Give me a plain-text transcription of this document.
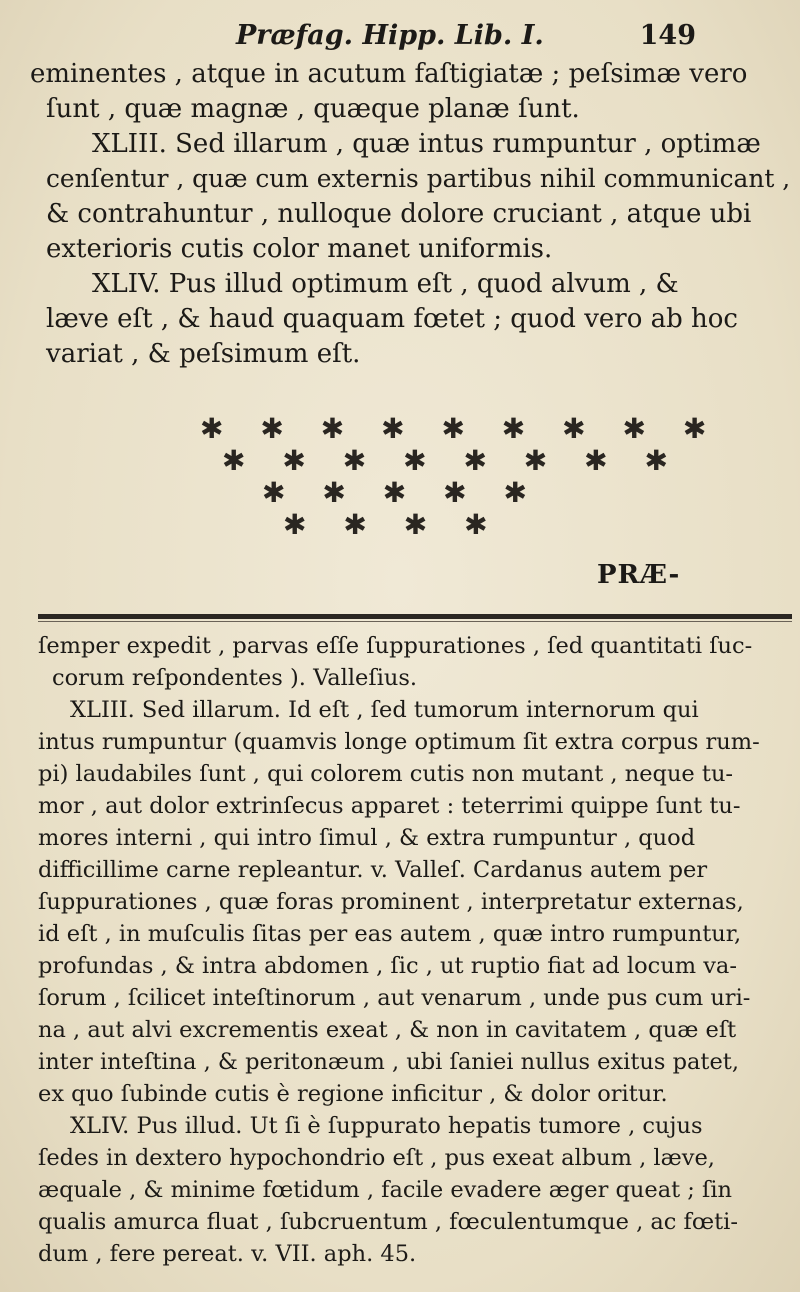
Præfag. Hipp. Lib. I.	149
eminentes , atque in acutum faſtigiatæ ; peſsimæ vero
ſunt , quæ magnæ , quæque planæ ſunt.
XLIII. Sed illarum , quæ intus rumpuntur , optimæ
cenſentur , quæ cum externis partibus nihil communicant ,
& contrahuntur , nulloque dolore cruciant , atque ubi
exterioris cutis color manet uniformis.
XLIV. Pus illud optimum eſt , quod alvum , &
læve eſt , & haud quaquam fœtet ; quod vero ab hoc
variat , & peſsimum eſt.
✱ ✱ ✱ ✱ ✱ ✱ ✱ ✱ ✱
✱ ✱ ✱ ✱ ✱ ✱ ✱ ✱
✱ ✱ ✱ ✱ ✱
✱ ✱ ✱ ✱
PRÆ-
ſemper expedit , parvas eſſe ſuppurationes , ſed quantitati ſuc-
corum reſpondentes ). Valleſius.
XLIII. Sed illarum. Id eſt , ſed tumorum internorum qui
intus rumpuntur (quamvis longe optimum ſit extra corpus rum-
pi) laudabiles ſunt , qui colorem cutis non mutant , neque tu-
mor , aut dolor extrinſecus apparet : teterrimi quippe ſunt tu-
mores interni , qui intro ſimul , & extra rumpuntur , quod
difficillime carne repleantur. v. Valleſ. Cardanus autem per
ſuppurationes , quæ foras prominent , interpretatur externas,
id eſt , in muſculis ſitas per eas autem , quæ intro rumpuntur,
profundas , & intra abdomen , ſic , ut ruptio fiat ad locum va-
ſorum , ſcilicet inteſtinorum , aut venarum , unde pus cum uri-
na , aut alvi excrementis exeat , & non in cavitatem , quæ eſt
inter inteſtina , & peritonæum , ubi ſaniei nullus exitus patet,
ex quo ſubinde cutis è regione inficitur , & dolor oritur.
XLIV. Pus illud. Ut ſi è ſuppurato hepatis tumore , cujus
ſedes in dextero hypochondrio eſt , pus exeat album , læve,
æquale , & minime fœtidum , facile evadere æger queat ; ſin
qualis amurca fluat , ſubcruentum , fœculentumque , ac fœti-
dum , fere pereat. v. VII. aph. 45.
